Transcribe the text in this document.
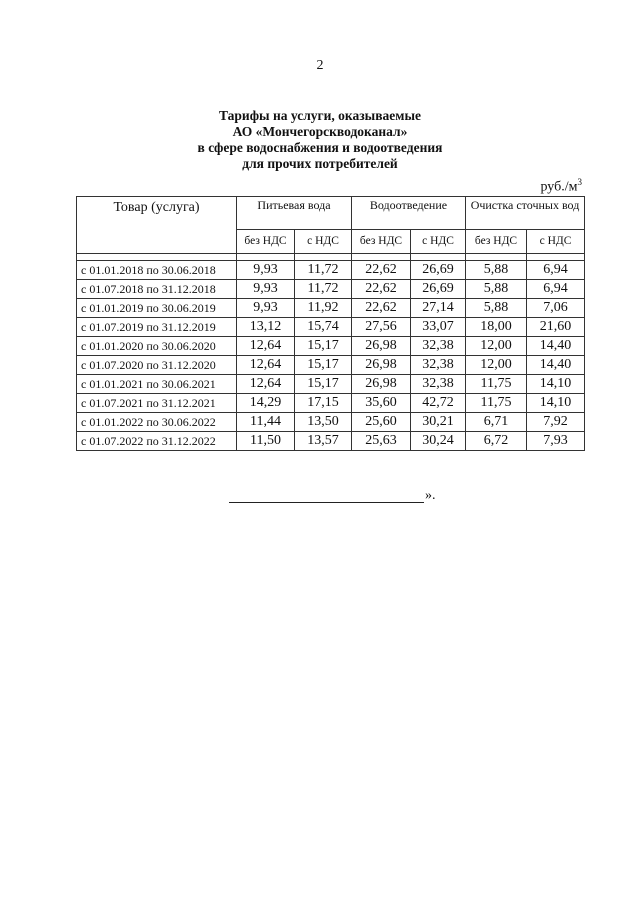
2
Тарифы на услуги, оказываемые
АО «Мончегорскводоканал»
в сфере водоснабжения и водоотведения
для прочих потребителей
$руб./м^3$
Товар (услуга)	Питьевая вода		Водоотведение		Очистка сточных вод	
	без НДС	с НДС	без НДС	с НДС	без НДС	с НДС

с 01.01.2018 по 30.06.2018	9,93	11,72	22,62	26,69	5,88	6,94
с 01.07.2018 по 31.12.2018	9,93	11,72	22,62	26,69	5,88	6,94
с 01.01.2019 по 30.06.2019	9,93	11,92	22,62	27,14	5,88	7,06
с 01.07.2019 по 31.12.2019	13,12	15,74	27,56	33,07	18,00	21,60
с 01.01.2020 по 30.06.2020	12,64	15,17	26,98	32,38	12,00	14,40
с 01.07.2020 по 31.12.2020	12,64	15,17	26,98	32,38	12,00	14,40
с 01.01.2021 по 30.06.2021	12,64	15,17	26,98	32,38	11,75	14,10
с 01.07.2021 по 31.12.2021	14,29	17,15	35,60	42,72	11,75	14,10
с 01.01.2022 по 30.06.2022	11,44	13,50	25,60	30,21	6,71	7,92
с 01.07.2022 по 31.12.2022	11,50	13,57	25,63	30,24	6,72	7,93
».
